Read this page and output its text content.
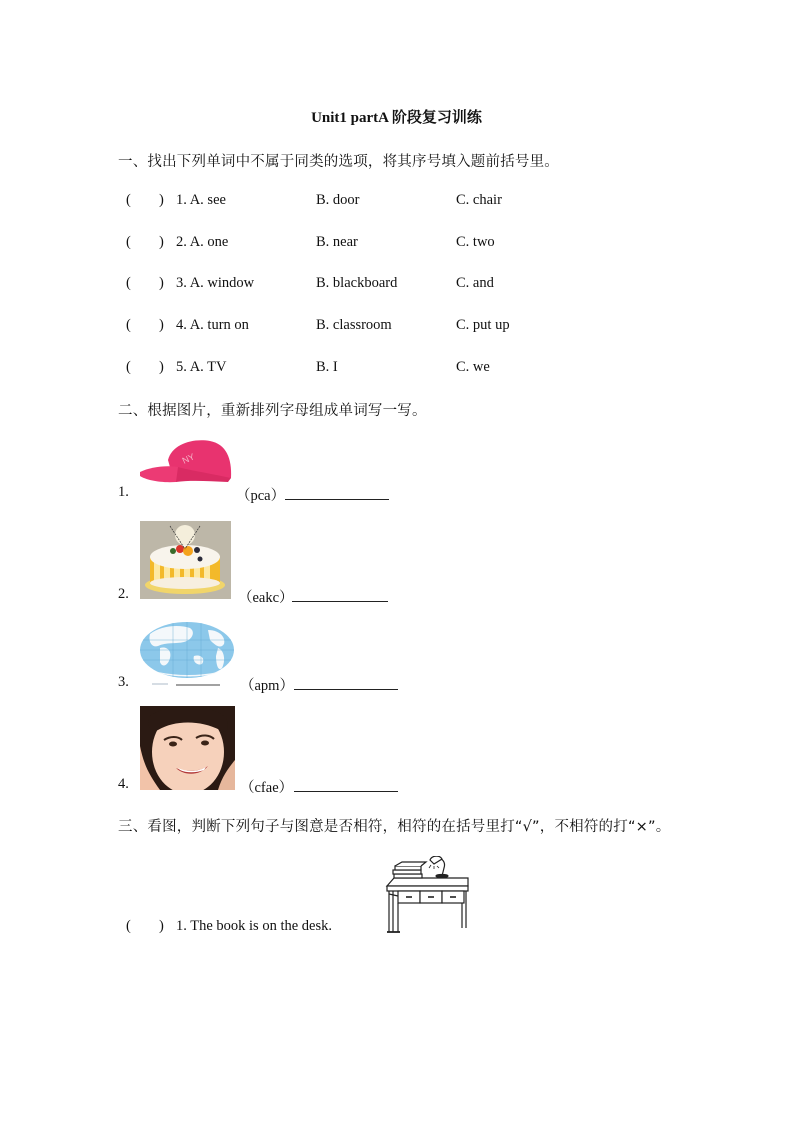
Unit1 partA 阶段复习训练
一、找出下列单词中不属于同类的选项，将其序号填入题前括号里。
( ) 1. A. see	B. door	C. chair
( ) 2. A. one	B. near	C. two
( ) 3. A. window	B. blackboard	C. and
( ) 4. A. turn on	B. classroom	C. put up
( ) 5. A. TV	B. I	C. we
二、根据图片，重新排列字母组成单词写一写。
1.
NY
（pca）
2.	（eakc）
3.	（apm）
4.	（cfae）
三、看图，判断下列句子与图意是否相符，相符的在括号里打“√”，不相符的打“×”。
( ) 1. The book is on the desk.
